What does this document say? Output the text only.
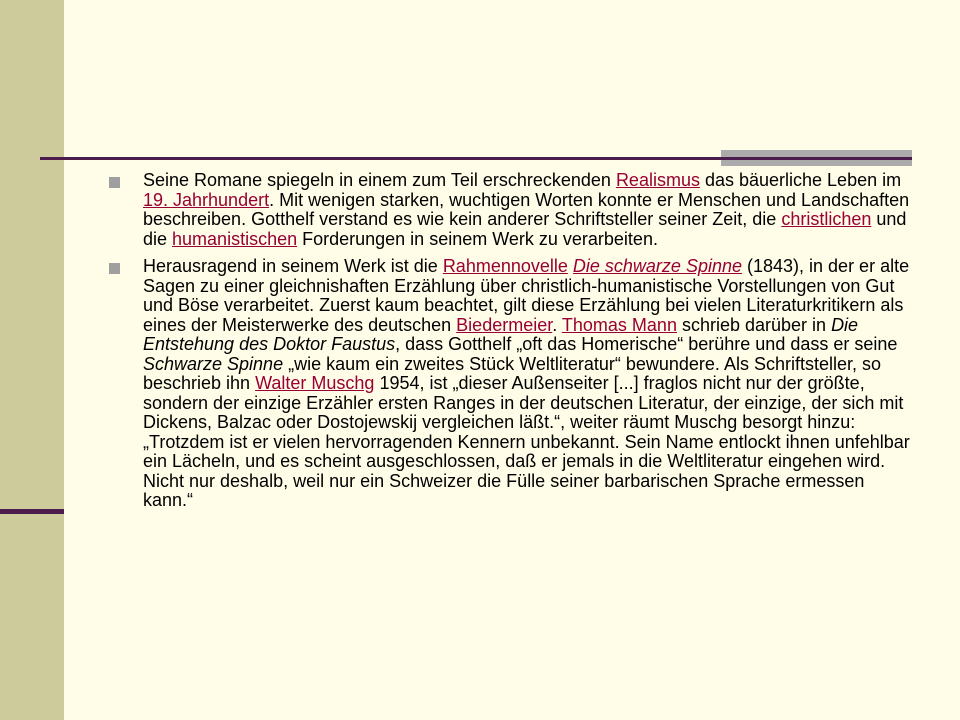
Seine Romane spiegeln in einem zum Teil erschreckenden Realismus das bäuerliche Leben im 19. Jahrhundert. Mit wenigen starken, wuchtigen Worten konnte er Menschen und Landschaften beschreiben. Gotthelf verstand es wie kein anderer Schriftsteller seiner Zeit, die christlichen und die humanistischen Forderungen in seinem Werk zu verarbeiten.
Herausragend in seinem Werk ist die Rahmennovelle Die schwarze Spinne (1843), in der er alte Sagen zu einer gleichnishaften Erzählung über christlich-humanistische Vorstellungen von Gut und Böse verarbeitet. Zuerst kaum beachtet, gilt diese Erzählung bei vielen Literaturkritikern als eines der Meisterwerke des deutschen Biedermeier. Thomas Mann schrieb darüber in Die Entstehung des Doktor Faustus, dass Gotthelf „oft das Homerische“ berühre und dass er seine Schwarze Spinne „wie kaum ein zweites Stück Weltliteratur“ bewundere. Als Schriftsteller, so beschrieb ihn Walter Muschg 1954, ist „dieser Außenseiter [...] fraglos nicht nur der größte, sondern der einzige Erzähler ersten Ranges in der deutschen Literatur, der einzige, der sich mit Dickens, Balzac oder Dostojewskij vergleichen läßt.“, weiter räumt Muschg besorgt hinzu: „Trotzdem ist er vielen hervorragenden Kennern unbekannt. Sein Name entlockt ihnen unfehlbar ein Lächeln, und es scheint ausgeschlossen, daß er jemals in die Weltliteratur eingehen wird. Nicht nur deshalb, weil nur ein Schweizer die Fülle seiner barbarischen Sprache ermessen kann.“
